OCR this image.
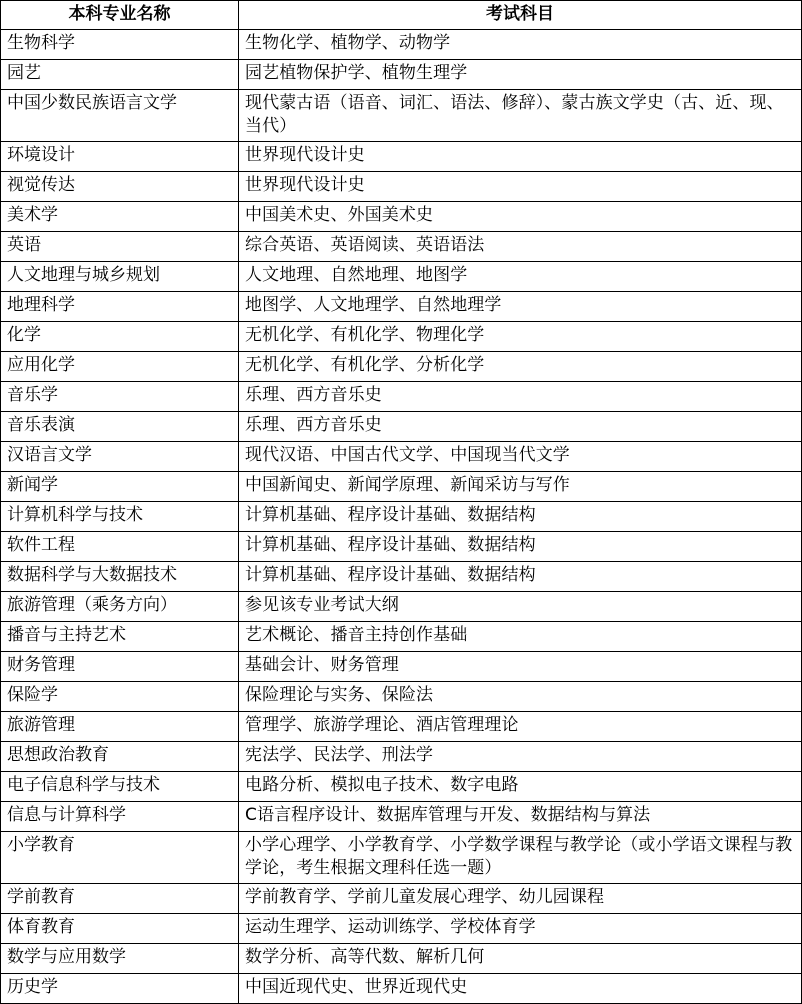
本科专业名称	考试科目
生物科学	生物化学、植物学、动物学
园艺	园艺植物保护学、植物生理学
中国少数民族语言文学	现代蒙古语（语音、词汇、语法、修辞）、蒙古族文学史（古、近、现、当代）
环境设计	世界现代设计史
视觉传达	世界现代设计史
美术学	中国美术史、外国美术史
英语	综合英语、英语阅读、英语语法
人文地理与城乡规划	人文地理、自然地理、地图学
地理科学	地图学、人文地理学、自然地理学
化学	无机化学、有机化学、物理化学
应用化学	无机化学、有机化学、分析化学
音乐学	乐理、西方音乐史
音乐表演	乐理、西方音乐史
汉语言文学	现代汉语、中国古代文学、中国现当代文学
新闻学	中国新闻史、新闻学原理、新闻采访与写作
计算机科学与技术	计算机基础、程序设计基础、数据结构
软件工程	计算机基础、程序设计基础、数据结构
数据科学与大数据技术	计算机基础、程序设计基础、数据结构
旅游管理（乘务方向）	参见该专业考试大纲
播音与主持艺术	艺术概论、播音主持创作基础
财务管理	基础会计、财务管理
保险学	保险理论与实务、保险法
旅游管理	管理学、旅游学理论、酒店管理理论
思想政治教育	宪法学、民法学、刑法学
电子信息科学与技术	电路分析、模拟电子技术、数字电路
信息与计算科学	C语言程序设计、数据库管理与开发、数据结构与算法
小学教育	小学心理学、小学教育学、小学数学课程与教学论（或小学语文课程与教学论，考生根据文理科任选一题）
学前教育	学前教育学、学前儿童发展心理学、幼儿园课程
体育教育	运动生理学、运动训练学、学校体育学
数学与应用数学	数学分析、高等代数、解析几何
历史学	中国近现代史、世界近现代史
